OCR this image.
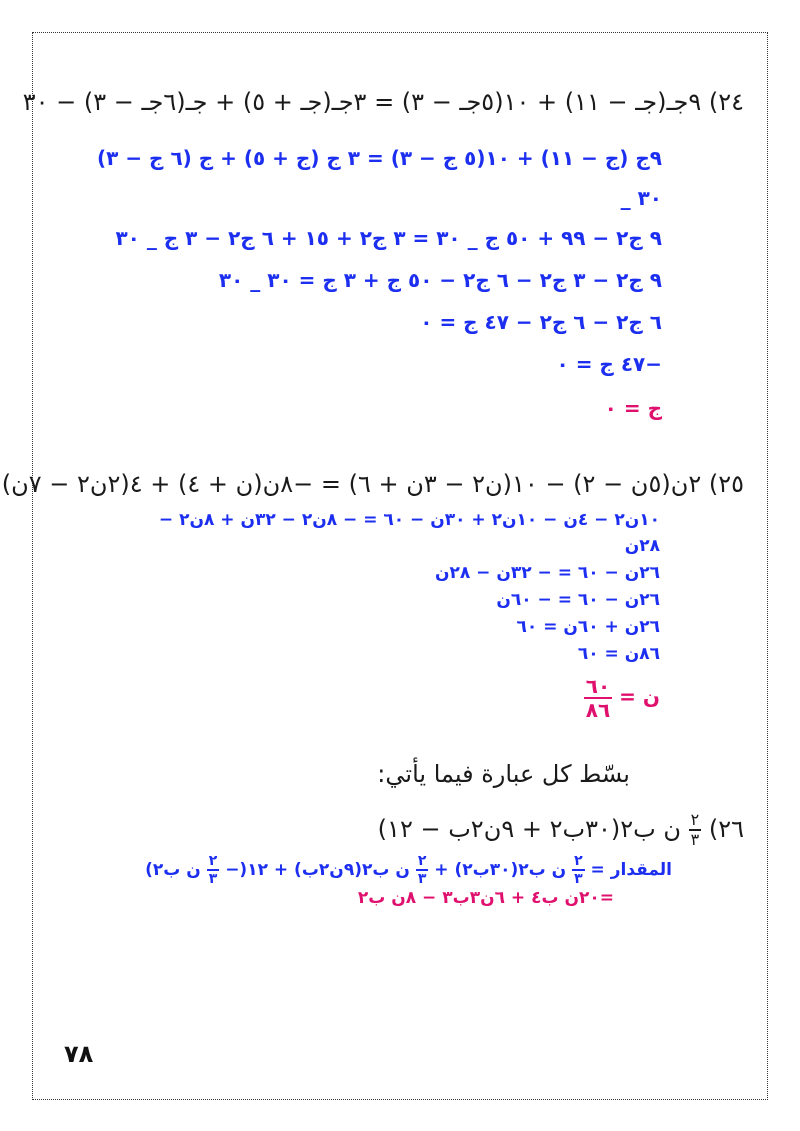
٢٤) ٩جـ(جـ − ١١) + ١٠(٥جـ − ٣) = ٣جـ(جـ + ٥) + جـ(٦جـ − ٣) − ٣٠
٩ج (ج − ١١) + ١٠(٥ ج − ٣) = ٣ ج (ج + ٥) + ج (٦ ج − ٣)
_ ٣٠
٩ ج٢ − ٩٩ + ٥٠ ج _ ٣٠ = ٣ ج٢ + ١٥ + ٦ ج٢ − ٣ ج _ ٣٠
٩ ج٢ − ٣ ج٢ − ٦ ج٢ − ٥٠ ج + ٣ ج = ٣٠ _ ٣٠
٦ ج٢ − ٦ ج٢ − ٤٧ ج = ٠
−٤٧ ج = ٠
ج = ٠
٢٥) ٢ن(٥ن − ٢) − ١٠(ن٢ − ٣ن + ٦) = −٨ن(ن + ٤) + ٤(٢ن٢ − ٧ن)
١٠ن٢ − ٤ن − ١٠ن٢ + ٣٠ن − ٦٠ = − ٨ن٢ − ٣٢ن + ٨ن٢ −
٢٨ن
٢٦ن − ٦٠ = − ٣٢ن − ٢٨ن
٢٦ن − ٦٠ = − ٦٠ن
٢٦ن + ٦٠ن = ٦٠
٨٦ن = ٦٠
ن =
$\frac{٦٠}{٨٦}$
بسّط كل عبارة فيما يأتي:
٢٦)
$\frac{٢}{٣}$
ن ب٢(٣٠ب٢ + ٩ن٢ب − ١٢)
المقدار =
$\frac{٢}{٣}$
ن ب٢(٣٠ب٢) +
$\frac{٢}{٣}$
ن ب٢(٩ن٢ب) + ١٢(−
$\frac{٢}{٣}$
ن ب٢)
=٢٠ن ب٤ + ٦ن٣ب٣ − ٨ن ب٢
٧٨
